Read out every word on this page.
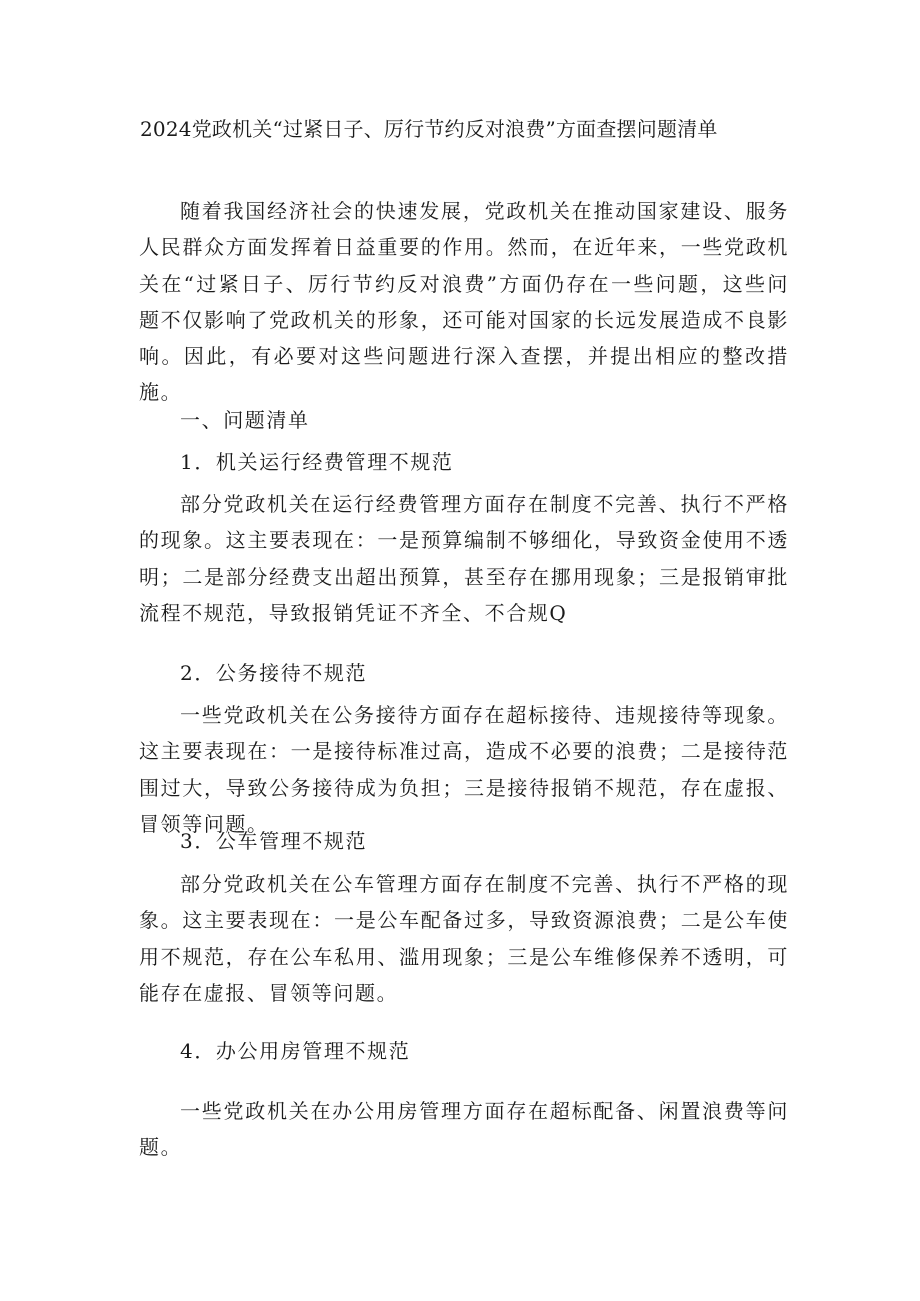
2024党政机关“过紧日子、厉行节约反对浪费”方面查摆问题清单

随着我国经济社会的快速发展，党政机关在推动国家建设、服务人民群众方面发挥着日益重要的作用。然而，在近年来，一些党政机关在“过紧日子、厉行节约反对浪费”方面仍存在一些问题，这些问题不仅影响了党政机关的形象，还可能对国家的长远发展造成不良影响。因此，有必要对这些问题进行深入查摆，并提出相应的整改措施。

一、问题清单
1．机关运行经费管理不规范

部分党政机关在运行经费管理方面存在制度不完善、执行不严格的现象。这主要表现在：一是预算编制不够细化，导致资金使用不透明；二是部分经费支出超出预算，甚至存在挪用现象；三是报销审批流程不规范，导致报销凭证不齐全、不合规Q

2．公务接待不规范

一些党政机关在公务接待方面存在超标接待、违规接待等现象。这主要表现在：一是接待标准过高，造成不必要的浪费；二是接待范围过大，导致公务接待成为负担；三是接待报销不规范，存在虚报、冒领等问题。

3．公车管理不规范

部分党政机关在公车管理方面存在制度不完善、执行不严格的现象。这主要表现在：一是公车配备过多，导致资源浪费；二是公车使用不规范，存在公车私用、滥用现象；三是公车维修保养不透明，可能存在虚报、冒领等问题。

4．办公用房管理不规范

一些党政机关在办公用房管理方面存在超标配备、闲置浪费等问题。
